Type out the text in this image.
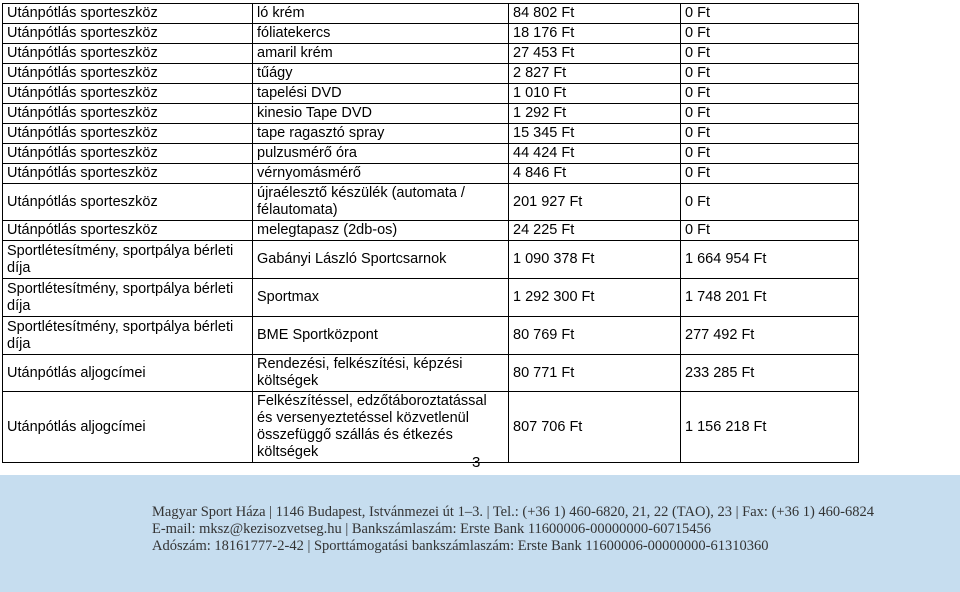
Utánpótlás sporteszköz	ló krém	84 802 Ft	0 Ft
Utánpótlás sporteszköz	fóliatekercs	18 176 Ft	0 Ft
Utánpótlás sporteszköz	amaril krém	27 453 Ft	0 Ft
Utánpótlás sporteszköz	tűágy	2 827 Ft	0 Ft
Utánpótlás sporteszköz	tapelési DVD	1 010 Ft	0 Ft
Utánpótlás sporteszköz	kinesio Tape DVD	1 292 Ft	0 Ft
Utánpótlás sporteszköz	tape ragasztó spray	15 345 Ft	0 Ft
Utánpótlás sporteszköz	pulzusmérő óra	44 424 Ft	0 Ft
Utánpótlás sporteszköz	vérnyomásmérő	4 846 Ft	0 Ft
Utánpótlás sporteszköz	újraélesztő készülék (automata / félautomata)	201 927 Ft	0 Ft
Utánpótlás sporteszköz	melegtapasz (2db-os)	24 225 Ft	0 Ft
Sportlétesítmény, sportpálya bérleti díja	Gabányi László Sportcsarnok	1 090 378 Ft	1 664 954 Ft
Sportlétesítmény, sportpálya bérleti díja	Sportmax	1 292 300 Ft	1 748 201 Ft
Sportlétesítmény, sportpálya bérleti díja	BME Sportközpont	80 769 Ft	277 492 Ft
Utánpótlás aljogcímei	Rendezési, felkészítési, képzési költségek	80 771 Ft	233 285 Ft
Utánpótlás aljogcímei	Felkészítéssel, edzőtáboroztatással és versenyeztetéssel közvetlenül összefüggő szállás és étkezés költségek	807 706 Ft	1 156 218 Ft
3
Magyar Sport Háza | 1146 Budapest, Istvánmezei út 1–3. | Tel.: (+36 1) 460-6820, 21, 22 (TAO), 23 | Fax: (+36 1) 460-6824
E-mail: mksz@kezisozvetseg.hu | Bankszámlaszám: Erste Bank 11600006-00000000-60715456
Adószám: 18161777-2-42 | Sporttámogatási bankszámlaszám: Erste Bank 11600006-00000000-61310360
